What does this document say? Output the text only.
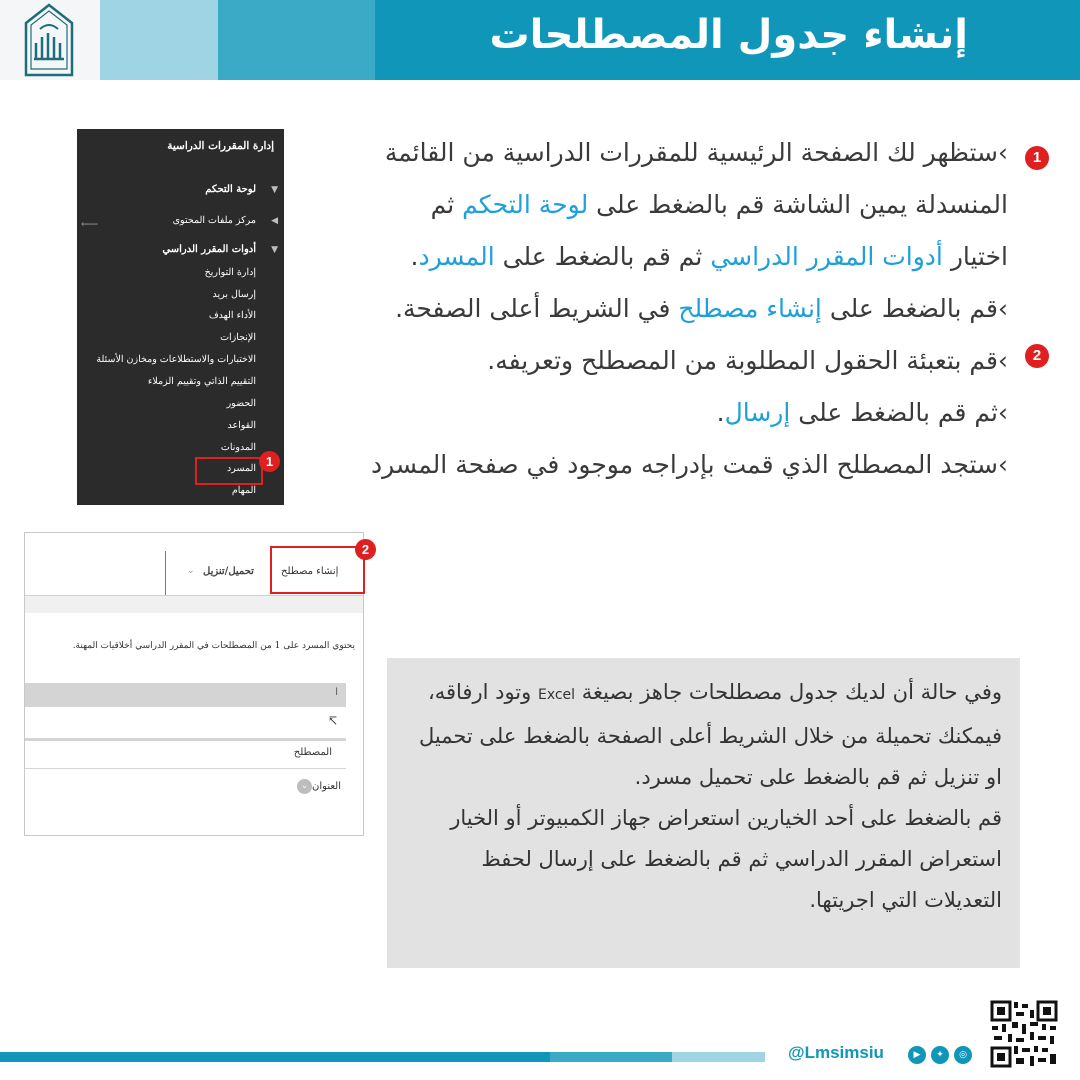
إنشاء جدول المصطلحات
إدارة المقررات الدراسية
▼
لوحة التحكم
◀
مركز ملفات المحتوى
⟵
▼
أدوات المقرر الدراسي
إدارة التواريخ
إرسال بريد
الأداء الهدف
الإنجازات
الاختبارات والاستطلاعات ومخازن الأسئلة
التقييم الذاتي وتقييم الزملاء
الحضور
القواعد
المدونات
المسرد
المهام
1
إنشاء مصطلح
تحميل/تنزيل
⌄
يحتوي المسرد على 1 من المصطلحات في المقرر الدراسي أخلاقيات المهنة.
ا
↸
المصطلح
العنوان⌄
2
1
2

›ستظهر لك الصفحة الرئيسية للمقررات الدراسية من القائمة المنسدلة يمين الشاشة قم بالضغط على لوحة التحكم ثم اختيار أدوات المقرر الدراسي ثم قم بالضغط على المسرد.

›قم بالضغط على إنشاء مصطلح في الشريط أعلى الصفحة.

›قم بتعبئة الحقول المطلوبة من المصطلح وتعريفه.

›ثم قم بالضغط على إرسال.

›ستجد المصطلح الذي قمت بإدراجه موجود في صفحة المسرد

وفي حالة أن لديك جدول مصطلحات جاهز بصيغة Excel وتود ارفاقه، فيمكنك تحميلة من خلال الشريط أعلى الصفحة بالضغط على تحميل او تنزيل ثم قم بالضغط على تحميل مسرد.

قم بالضغط على أحد الخيارين استعراض جهاز الكمبيوتر أو الخيار استعراض المقرر الدراسي ثم قم بالضغط على إرسال لحفظ التعديلات التي اجريتها.

@Lmsimsiu	▶	✦	◎
